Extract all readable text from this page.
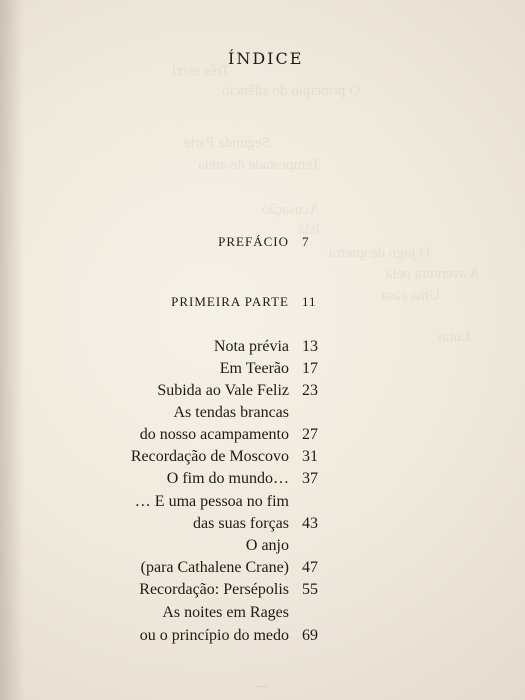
Três escri
O princípio do silêncio
Segunda Parte
Tempestade de areia
Acusação
Islã
O jogo de guerra
A aventura pela
Uma casa
Lutas
ÍNDICE
PREFÁCIO 7
PRIMEIRA PARTE 11
Nota prévia 13
Em Teerão 17
Subida ao Vale Feliz 23
As tendas brancas
do nosso acampamento 27
Recordação de Moscovo 31
O fim do mundo… 37
… E uma pessoa no fim
das suas forças 43
O anjo
(para Cathalene Crane) 47
Recordação: Persépolis 55
As noites em Rages
ou o princípio do medo 69
